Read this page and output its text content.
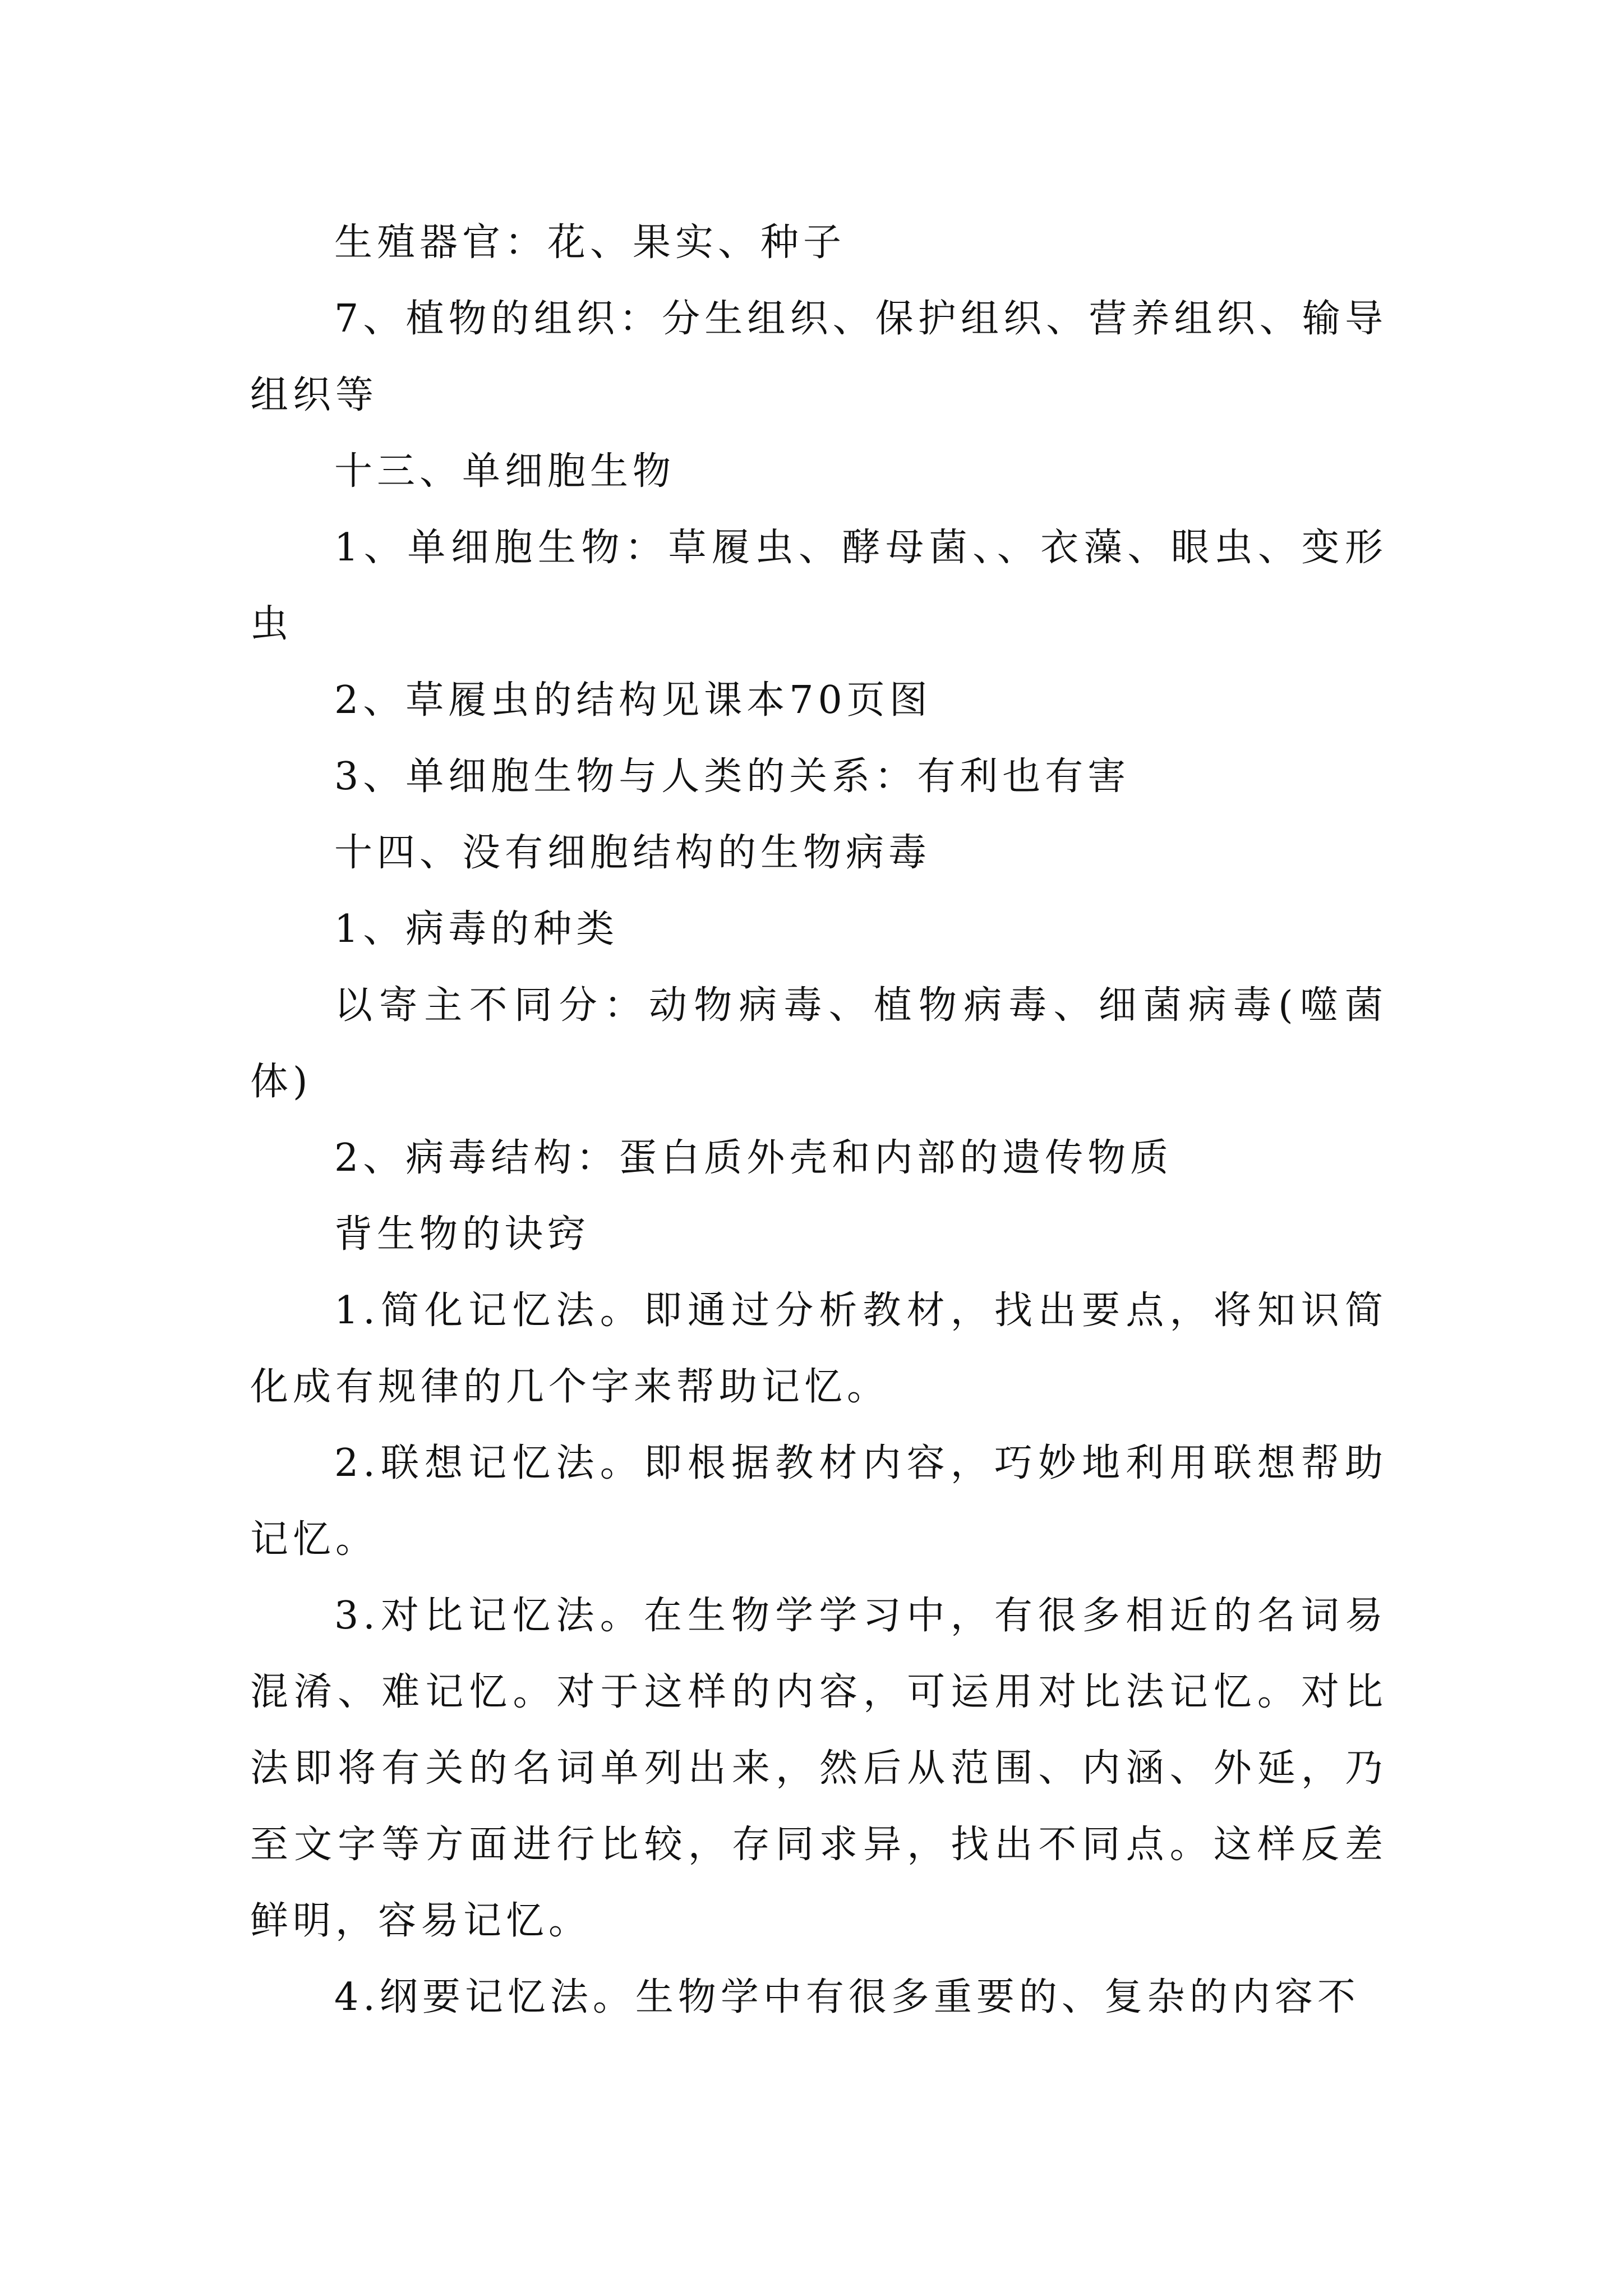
生殖器官：花、果实、种子

7、植物的组织：分生组织、保护组织、营养组织、输导组织等

十三、单细胞生物

1、单细胞生物：草履虫、酵母菌、、衣藻、眼虫、变形虫

2、草履虫的结构见课本70页图

3、单细胞生物与人类的关系：有利也有害

十四、没有细胞结构的生物病毒

1、病毒的种类

以寄主不同分：动物病毒、植物病毒、细菌病毒(噬菌体)

2、病毒结构：蛋白质外壳和内部的遗传物质

背生物的诀窍

1.简化记忆法。即通过分析教材，找出要点，将知识简化成有规律的几个字来帮助记忆。

2.联想记忆法。即根据教材内容，巧妙地利用联想帮助记忆。

3.对比记忆法。在生物学学习中，有很多相近的名词易混淆、难记忆。对于这样的内容，可运用对比法记忆。对比法即将有关的名词单列出来，然后从范围、内涵、外延，乃至文字等方面进行比较，存同求异，找出不同点。这样反差鲜明，容易记忆。

4.纲要记忆法。生物学中有很多重要的、复杂的内容不
